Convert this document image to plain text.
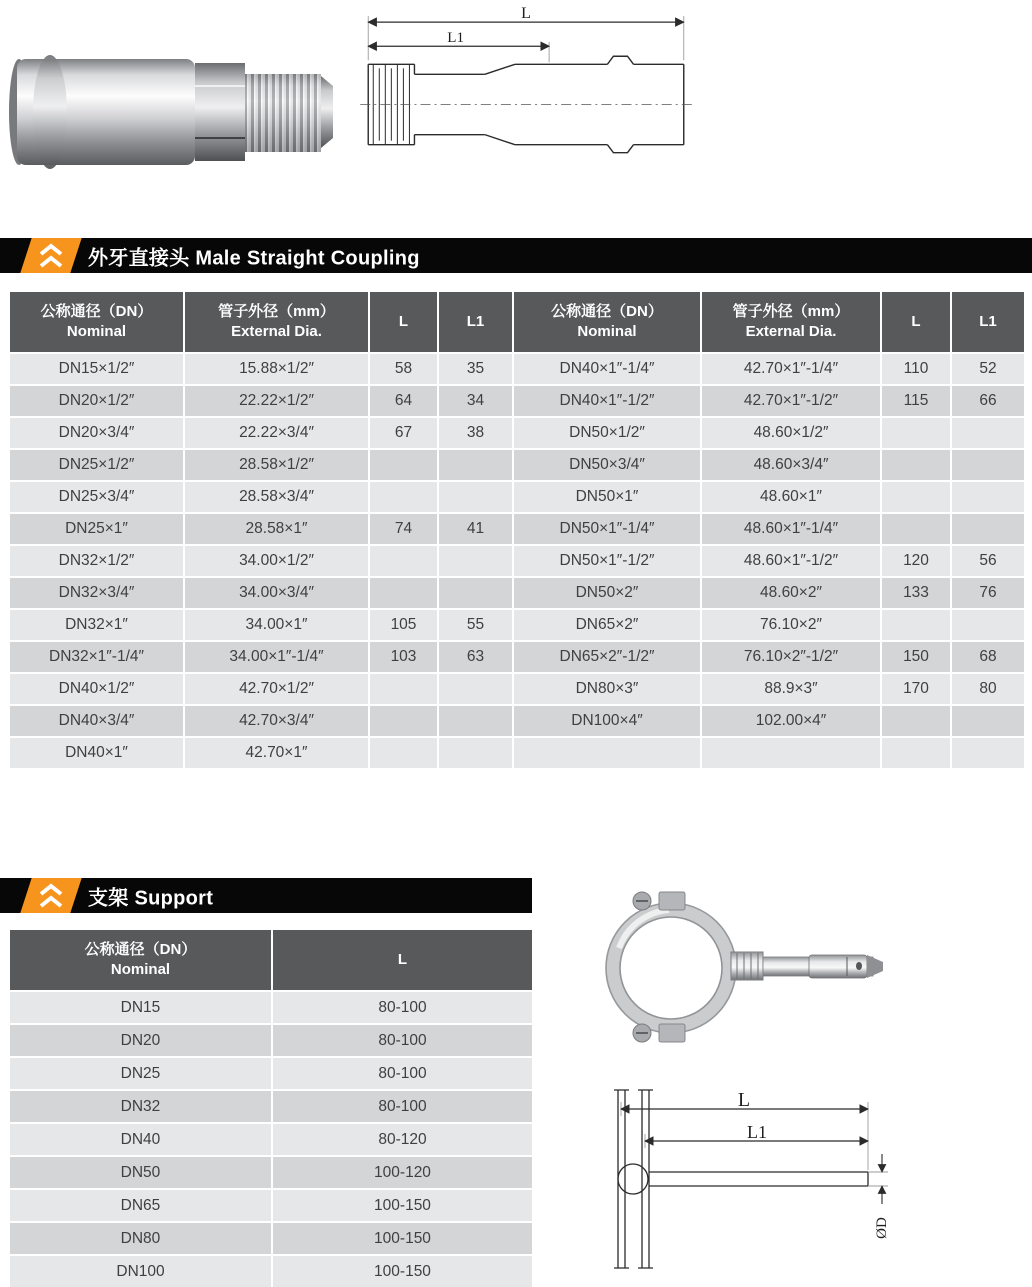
L
L1
外牙直接头 Male Straight Coupling
公称通径（DN）
Nominal	管子外径（mm）
External Dia.	L	L1	公称通径（DN）
Nominal	管子外径（mm）
External Dia.	L	L1
DN15×1/2″	15.88×1/2″	58	35	DN40×1″-1/4″	42.70×1″-1/4″	110	52
DN20×1/2″	22.22×1/2″	64	34	DN40×1″-1/2″	42.70×1″-1/2″	115	66
DN20×3/4″	22.22×3/4″	67	38	DN50×1/2″	48.60×1/2″		
DN25×1/2″	28.58×1/2″			DN50×3/4″	48.60×3/4″		
DN25×3/4″	28.58×3/4″			DN50×1″	48.60×1″		
DN25×1″	28.58×1″	74	41	DN50×1″-1/4″	48.60×1″-1/4″		
DN32×1/2″	34.00×1/2″			DN50×1″-1/2″	48.60×1″-1/2″	120	56
DN32×3/4″	34.00×3/4″			DN50×2″	48.60×2″	133	76
DN32×1″	34.00×1″	105	55	DN65×2″	76.10×2″		
DN32×1″-1/4″	34.00×1″-1/4″	103	63	DN65×2″-1/2″	76.10×2″-1/2″	150	68
DN40×1/2″	42.70×1/2″			DN80×3″	88.9×3″	170	80
DN40×3/4″	42.70×3/4″			DN100×4″	102.00×4″		
DN40×1″	42.70×1″						
支架 Support
公称通径（DN）
Nominal	L
DN15	80-100
DN20	80-100
DN25	80-100
DN32	80-100
DN40	80-120
DN50	100-120
DN65	100-150
DN80	100-150
DN100	100-150
L
L1
ØD
